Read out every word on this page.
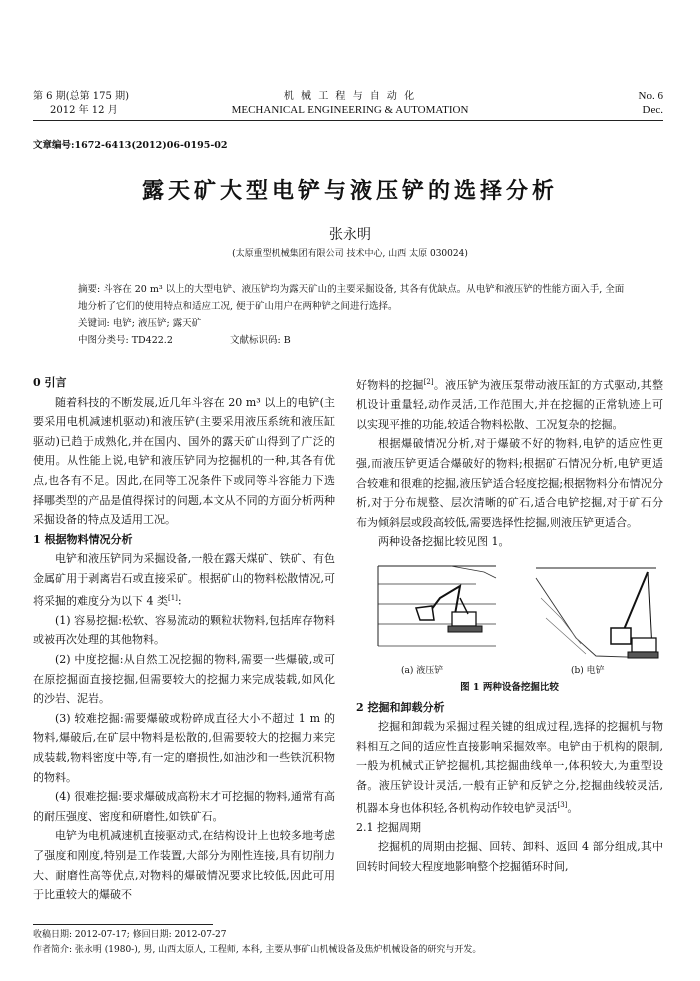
第 6 期(总第 175 期)
2012 年 12 月
机 械 工 程 与 自 动 化
MECHANICAL ENGINEERING & AUTOMATION
No. 6
Dec.
文章编号:1672-6413(2012)06-0195-02
露天矿大型电铲与液压铲的选择分析
张永明
(太原重型机械集团有限公司 技术中心, 山西 太原 030024)
摘要: 斗容在 20 m³ 以上的大型电铲、液压铲均为露天矿山的主要采掘设备, 其各有优缺点。从电铲和液压铲的性能方面入手, 全面地分析了它们的使用特点和适应工况, 便于矿山用户在两种铲之间进行选择。
关键词: 电铲; 液压铲; 露天矿
中图分类号: TD422.2	文献标识码: B

0 引言

随着科技的不断发展,近几年斗容在 20 m³ 以上的电铲(主要采用电机减速机驱动)和液压铲(主要采用液压系统和液压缸驱动)已趋于成熟化,并在国内、国外的露天矿山得到了广泛的使用。从性能上说,电铲和液压铲同为挖掘机的一种,其各有优点,也各有不足。因此,在同等工况条件下或同等斗容能力下选择哪类型的产品是值得探讨的问题,本文从不同的方面分析两种采掘设备的特点及适用工况。

1 根据物料情况分析

电铲和液压铲同为采掘设备,一般在露天煤矿、铁矿、有色金属矿用于剥离岩石或直接采矿。根据矿山的物料松散情况,可将采掘的难度分为以下 4 类[1]:

(1) 容易挖掘:松软、容易流动的颗粒状物料,包括库存物料或被再次处理的其他物料。

(2) 中度挖掘:从自然工况挖掘的物料,需要一些爆破,或可在原挖掘面直接挖掘,但需要较大的挖掘力来完成装载,如风化的沙岩、泥岩。

(3) 较难挖掘:需要爆破或粉碎成直径大小不超过 1 m 的物料,爆破后,在矿层中物料是松散的,但需要较大的挖掘力来完成装载,物料密度中等,有一定的磨损性,如油沙和一些铁沉积物的物料。

(4) 很难挖掘:要求爆破成高粉末才可挖掘的物料,通常有高的耐压强度、密度和研磨性,如铁矿石。

电铲为电机减速机直接驱动式,在结构设计上也较多地考虑了强度和刚度,特别是工作装置,大部分为刚性连接,具有切削力大、耐磨性高等优点,对物料的爆破情况要求比较低,因此可用于比重较大的爆破不

好物料的挖掘[2]。液压铲为液压泵带动液压缸的方式驱动,其整机设计重量轻,动作灵活,工作范围大,并在挖掘的正常轨迹上可以实现平推的功能,较适合物料松散、工况复杂的挖掘。

根据爆破情况分析,对于爆破不好的物料,电铲的适应性更强,而液压铲更适合爆破好的物料;根据矿石情况分析,电铲更适合较难和很难的挖掘,液压铲适合轻度挖掘;根据物料分布情况分析,对于分布规整、层次清晰的矿石,适合电铲挖掘,对于矿石分布为倾斜层或段高较低,需要选择性挖掘,则液压铲更适合。

两种设备挖掘比较见图 1。

(a) 液压铲	(b) 电铲
图 1 两种设备挖掘比较

2 挖掘和卸载分析

挖掘和卸载为采掘过程关键的组成过程,选择的挖掘机与物料相互之间的适应性直接影响采掘效率。电铲由于机构的限制,一般为机械式正铲挖掘机,其挖掘曲线单一,体积较大,为重型设备。液压铲设计灵活,一般有正铲和反铲之分,挖掘曲线较灵活,机器本身也体积轻,各机构动作较电铲灵活[3]。

2.1 挖掘周期

挖掘机的周期由挖掘、回转、卸料、返回 4 部分组成,其中回转时间较大程度地影响整个挖掘循环时间,

收稿日期: 2012-07-17; 修回日期: 2012-07-27
作者简介: 张永明 (1980-), 男, 山西太原人, 工程师, 本科, 主要从事矿山机械设备及焦炉机械设备的研究与开发。
